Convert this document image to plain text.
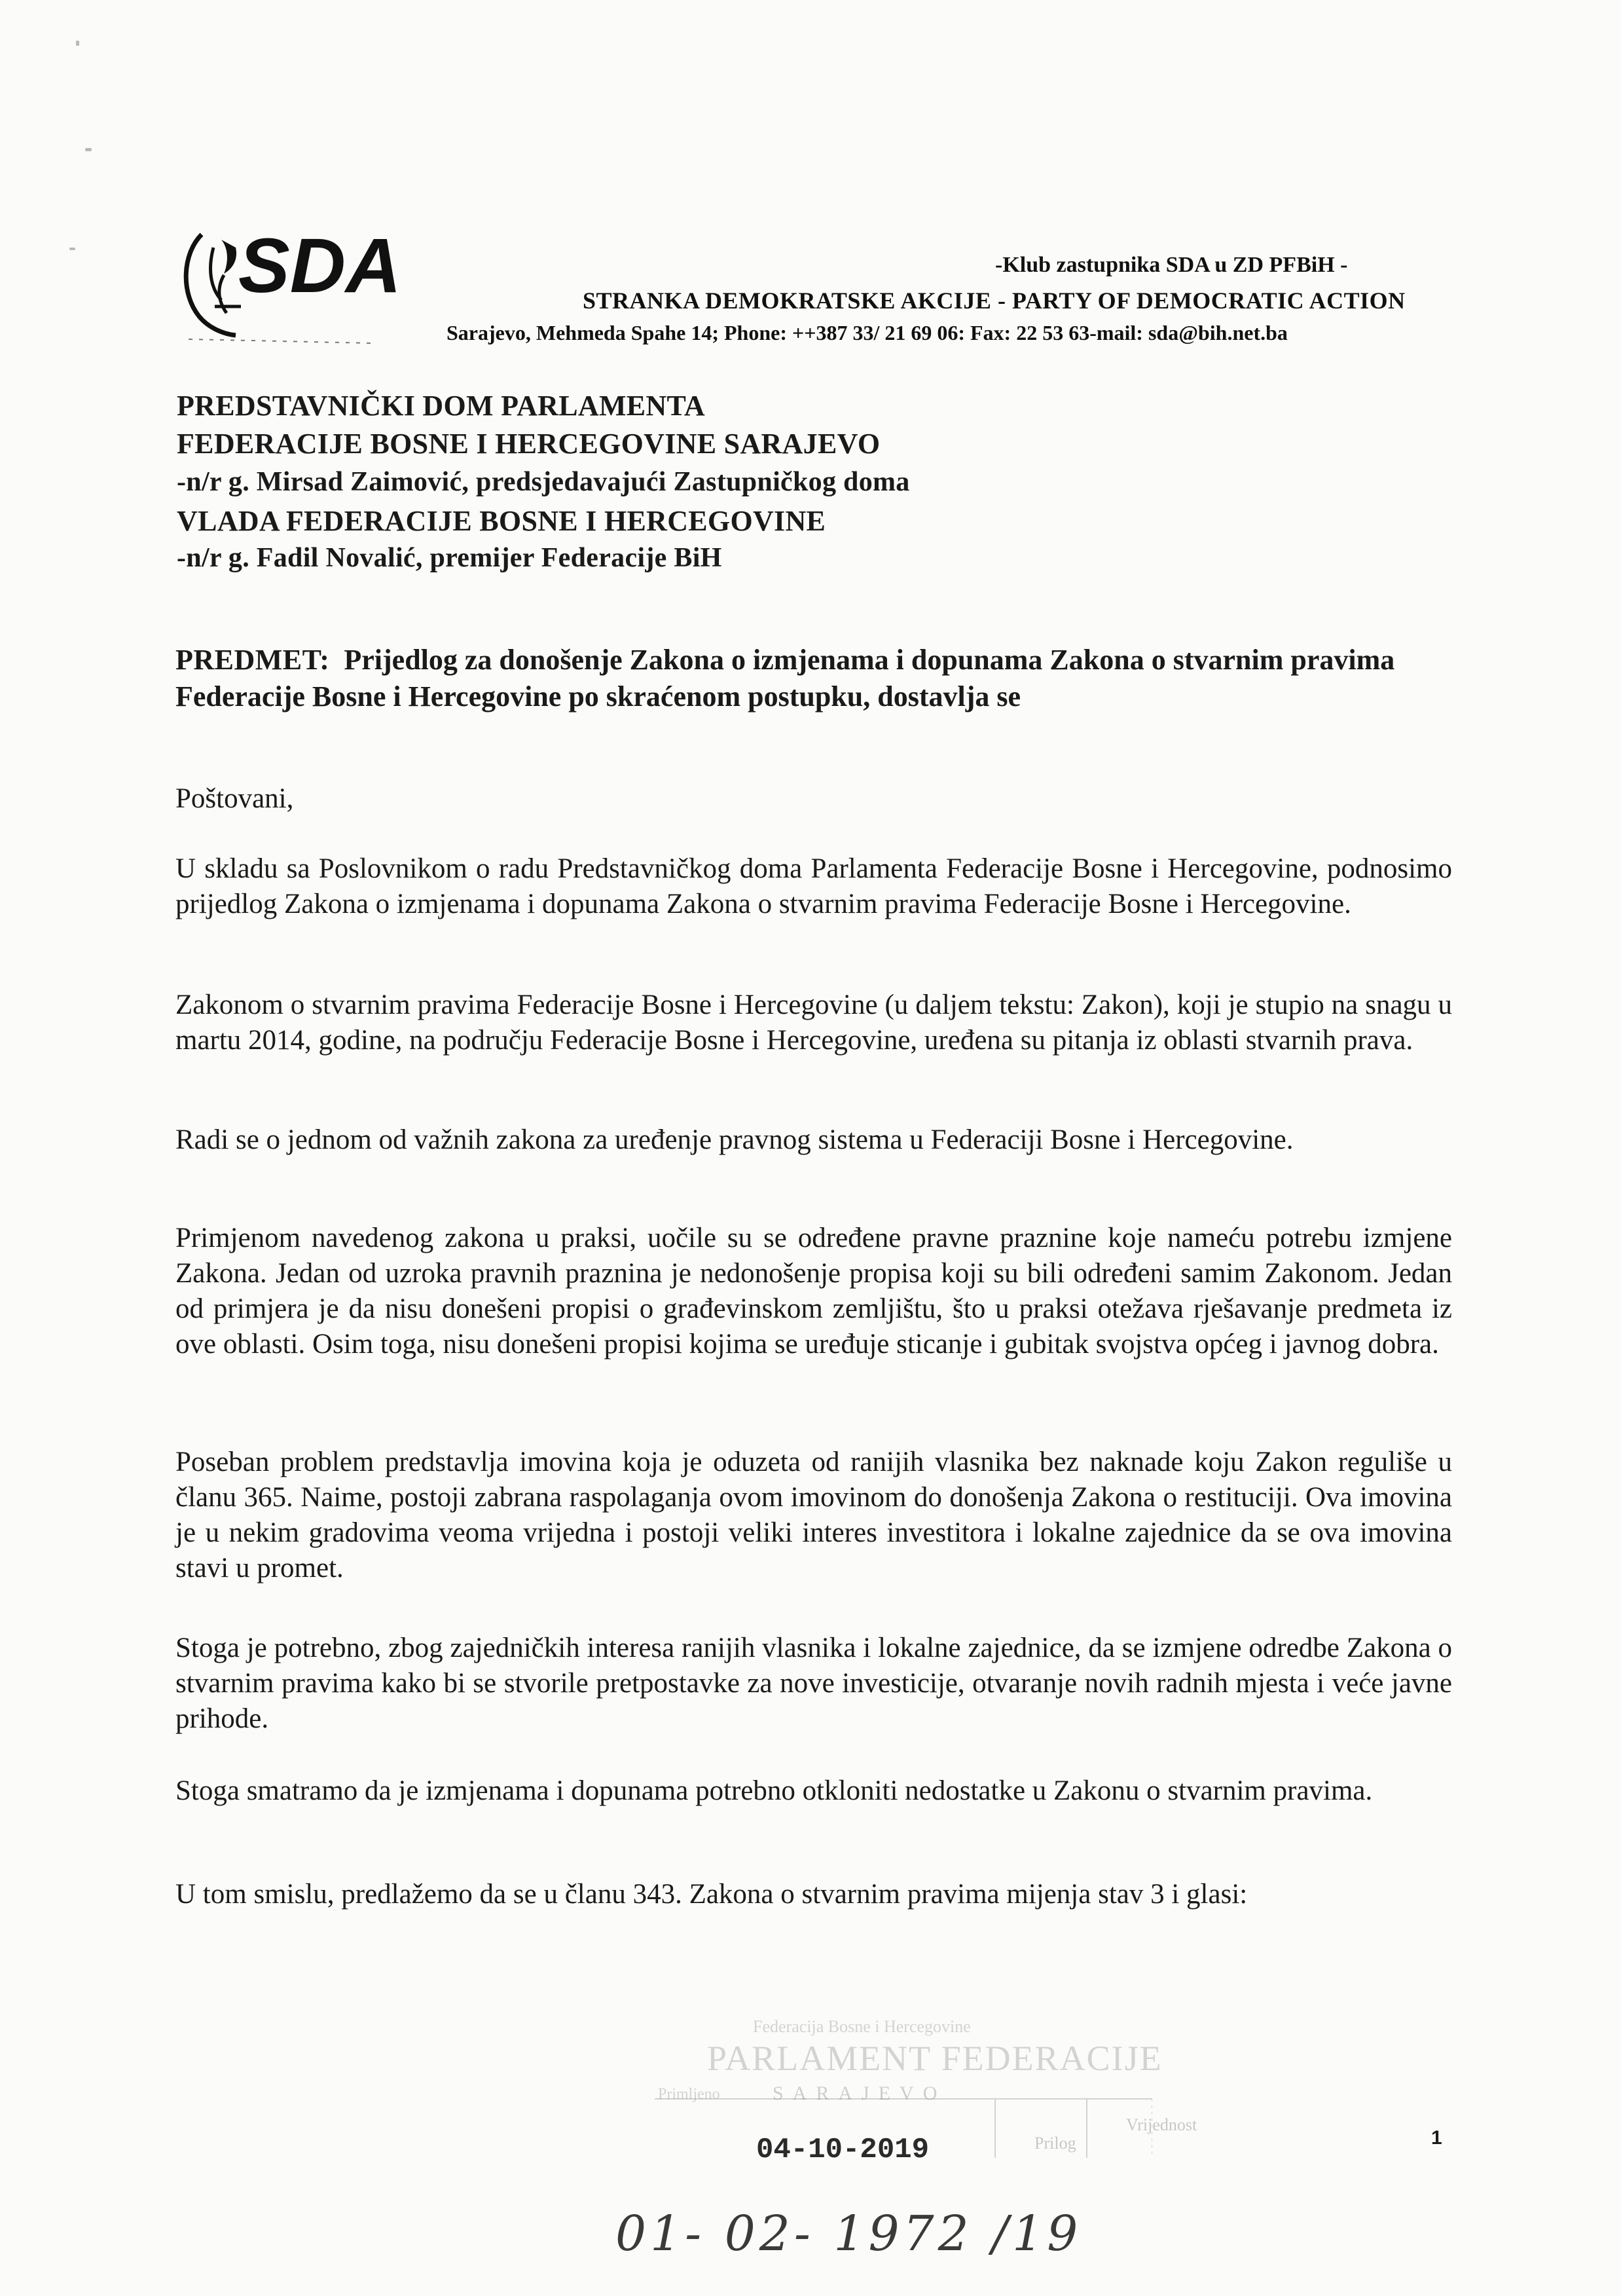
SDA	-Klub zastupnika SDA u ZD PFBiH -
STRANKA DEMOKRATSKE AKCIJE - PARTY OF DEMOCRATIC ACTION
Sarajevo, Mehmeda Spahe 14; Phone: ++387 33/ 21 69 06: Fax: 22 53 63-mail: sda@bih.net.ba
PREDSTAVNIČKI DOM PARLAMENTA
FEDERACIJE BOSNE I HERCEGOVINE SARAJEVO
-n/r g. Mirsad Zaimović, predsjedavajući Zastupničkog doma
VLADA FEDERACIJE BOSNE I HERCEGOVINE
-n/r g. Fadil Novalić, premijer Federacije BiH
PREDMET: Prijedlog za donošenje Zakona o izmjenama i dopunama Zakona o stvarnim pravima Federacije Bosne i Hercegovine po skraćenom postupku, dostavlja se
Poštovani,
U skladu sa Poslovnikom o radu Predstavničkog doma Parlamenta Federacije Bosne i Hercegovine, podnosimo prijedlog Zakona o izmjenama i dopunama Zakona o stvarnim pravima Federacije Bosne i Hercegovine.
Zakonom o stvarnim pravima Federacije Bosne i Hercegovine (u daljem tekstu: Zakon), koji je stupio na snagu u martu 2014, godine, na području Federacije Bosne i Hercegovine, uređena su pitanja iz oblasti stvarnih prava.
Radi se o jednom od važnih zakona za uređenje pravnog sistema u Federaciji Bosne i Hercegovine.
Primjenom navedenog zakona u praksi, uočile su se određene pravne praznine koje nameću potrebu izmjene Zakona. Jedan od uzroka pravnih praznina je nedonošenje propisa koji su bili određeni samim Zakonom. Jedan od primjera je da nisu donešeni propisi o građevinskom zemljištu, što u praksi otežava rješavanje predmeta iz ove oblasti. Osim toga, nisu donešeni propisi kojima se uređuje sticanje i gubitak svojstva općeg i javnog dobra.
Poseban problem predstavlja imovina koja je oduzeta od ranijih vlasnika bez naknade koju Zakon reguliše u članu 365. Naime, postoji zabrana raspolaganja ovom imovinom do donošenja Zakona o restituciji. Ova imovina je u nekim gradovima veoma vrijedna i postoji veliki interes investitora i lokalne zajednice da se ova imovina stavi u promet.
Stoga je potrebno, zbog zajedničkih interesa ranijih vlasnika i lokalne zajednice, da se izmjene odredbe Zakona o stvarnim pravima kako bi se stvorile pretpostavke za nove investicije, otvaranje novih radnih mjesta i veće javne prihode.
Stoga smatramo da je izmjenama i dopunama potrebno otkloniti nedostatke u Zakonu o stvarnim pravima.
U tom smislu, predlažemo da se u članu 343. Zakona o stvarnim pravima mijenja stav 3 i glasi:
1
Federacija Bosne i Hercegovine
PARLAMENT FEDERACIJE
SARAJEVO
Primljeno
04-10-2019	Prilog
Vrijednost
01- 02- 1972 /19
